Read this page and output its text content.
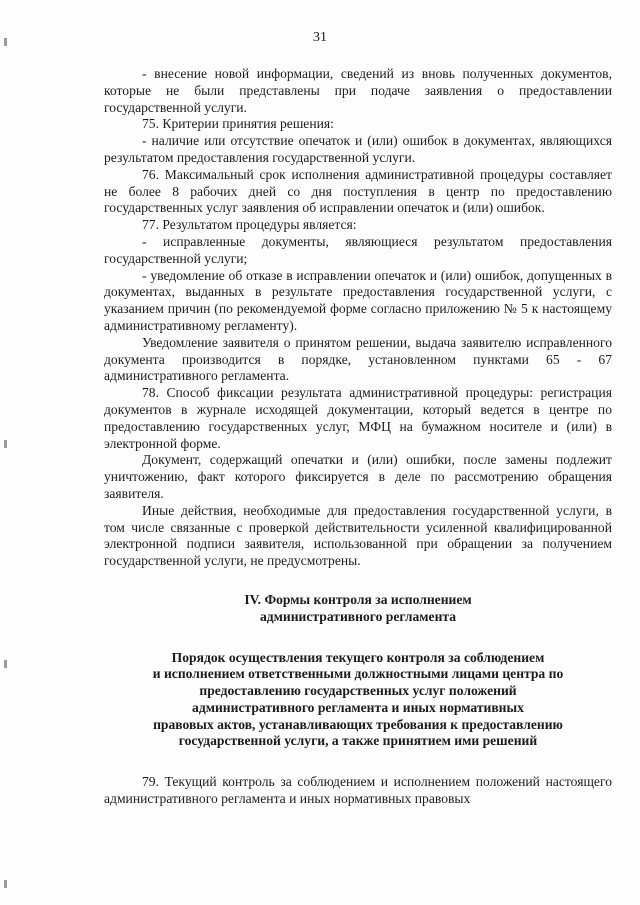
31

- внесение новой информации, сведений из вновь полученных документов, которые не были представлены при подаче заявления о предоставлении государственной услуги.

75. Критерии принятия решения:

- наличие или отсутствие опечаток и (или) ошибок в документах, являющихся результатом предоставления государственной услуги.

76. Максимальный срок исполнения административной процедуры составляет не более 8 рабочих дней со дня поступления в центр по предоставлению государственных услуг заявления об исправлении опечаток и (или) ошибок.

77. Результатом процедуры является:

- исправленные документы, являющиеся результатом предоставления государственной услуги;

- уведомление об отказе в исправлении опечаток и (или) ошибок, допущенных в документах, выданных в результате предоставления государственной услуги, с указанием причин (по рекомендуемой форме согласно приложению № 5 к настоящему административному регламенту).

Уведомление заявителя о принятом решении, выдача заявителю исправленного документа производится в порядке, установленном пунктами 65 - 67 административного регламента.

78. Способ фиксации результата административной процедуры: регистрация документов в журнале исходящей документации, который ведется в центре по предоставлению государственных услуг, МФЦ на бумажном носителе и (или) в электронной форме.

Документ, содержащий опечатки и (или) ошибки, после замены подлежит уничтожению, факт которого фиксируется в деле по рассмотрению обращения заявителя.

Иные действия, необходимые для предоставления государственной услуги, в том числе связанные с проверкой действительности усиленной квалифицированной электронной подписи заявителя, использованной при обращении за получением государственной услуги, не предусмотрены.

IV. Формы контроля за исполнением
административного регламента
Порядок осуществления текущего контроля за соблюдением
и исполнением ответственными должностными лицами центра по
предоставлению государственных услуг положений
административного регламента и иных нормативных
правовых актов, устанавливающих требования к предоставлению
государственной услуги, а также принятием ими решений

79. Текущий контроль за соблюдением и исполнением положений настоящего административного регламента и иных нормативных правовых
